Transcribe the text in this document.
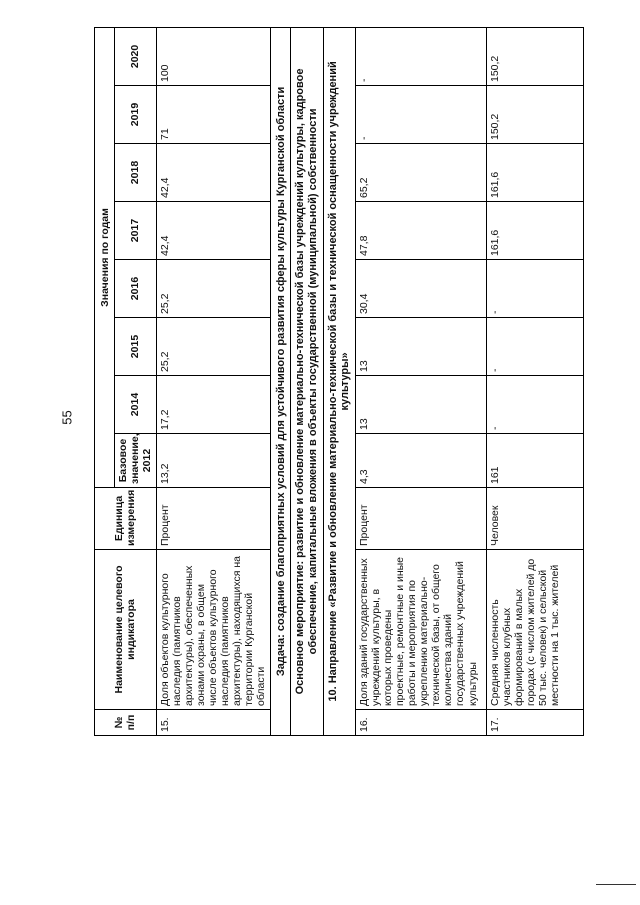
55
№ п/п	Наименование целевого индикатора	Единица измерения	Значения по годам							
			Базовое значение, 2012	2014	2015	2016	2017	2018	2019	2020
15.	Доля объектов культурного наследия (памятников архитектуры), обеспеченных зонами охраны, в общем числе объектов культурного наследия (памятников архитектуры), находящихся на территории Курганской области	Процент	13,2	17,2	25,2	25,2	42,4	42,4	71	100
Задача: создание благоприятных условий для устойчивого развития сферы культуры Курганской области										
Основное мероприятие: развитие и обновление материально-технической базы учреждений культуры, кадровое обеспечение, капитальные вложения в объекты государственной (муниципальной) собственности										
10. Направление «Развитие и обновление материально-технической базы и технической оснащенности учреждений культуры»										
16.	Доля зданий государственных учреждений культуры, в которых проведены проектные, ремонтные и иные работы и мероприятия по укреплению материально-технической базы, от общего количества зданий государственных учреждений культуры	Процент	4,3	13	13	30,4	47,8	65,2	-	-
17.	Средняя численность участников клубных формирований в малых городах (с числом жителей до 50 тыс. человек) и сельской местности на 1 тыс. жителей	Человек	161	-	-	-	161,6	161,6	150,2	150,2
